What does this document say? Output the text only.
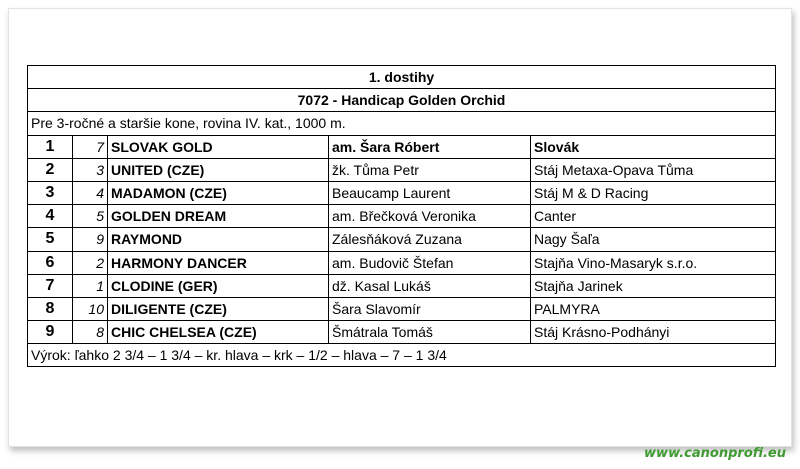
1. dostihy				
7072 - Handicap Golden Orchid				
Pre 3-ročné a staršie kone, rovina IV. kat., 1000 m.				
1	7	SLOVAK GOLD	am. Šara Róbert	Slovák
2	3	UNITED (CZE)	žk. Tůma Petr	Stáj Metaxa-Opava Tůma
3	4	MADAMON (CZE)	Beaucamp Laurent	Stáj M & D Racing
4	5	GOLDEN DREAM	am. Břečková Veronika	Canter
5	9	RAYMOND	Zálesňáková Zuzana	Nagy Šaľa
6	2	HARMONY DANCER	am. Budovič Štefan	Stajňa Vino-Masaryk s.r.o.
7	1	CLODINE (GER)	dž. Kasal Lukáš	Stajňa Jarinek
8	10	DILIGENTE (CZE)	Šara Slavomír	PALMYRA
9	8	CHIC CHELSEA (CZE)	Šmátrala Tomáš	Stáj Krásno-Podhányi
Výrok: ľahko 2 3/4 – 1 3/4 – kr. hlava – krk – 1/2 – hlava – 7 – 1 3/4				
www.canonprofi.eu
